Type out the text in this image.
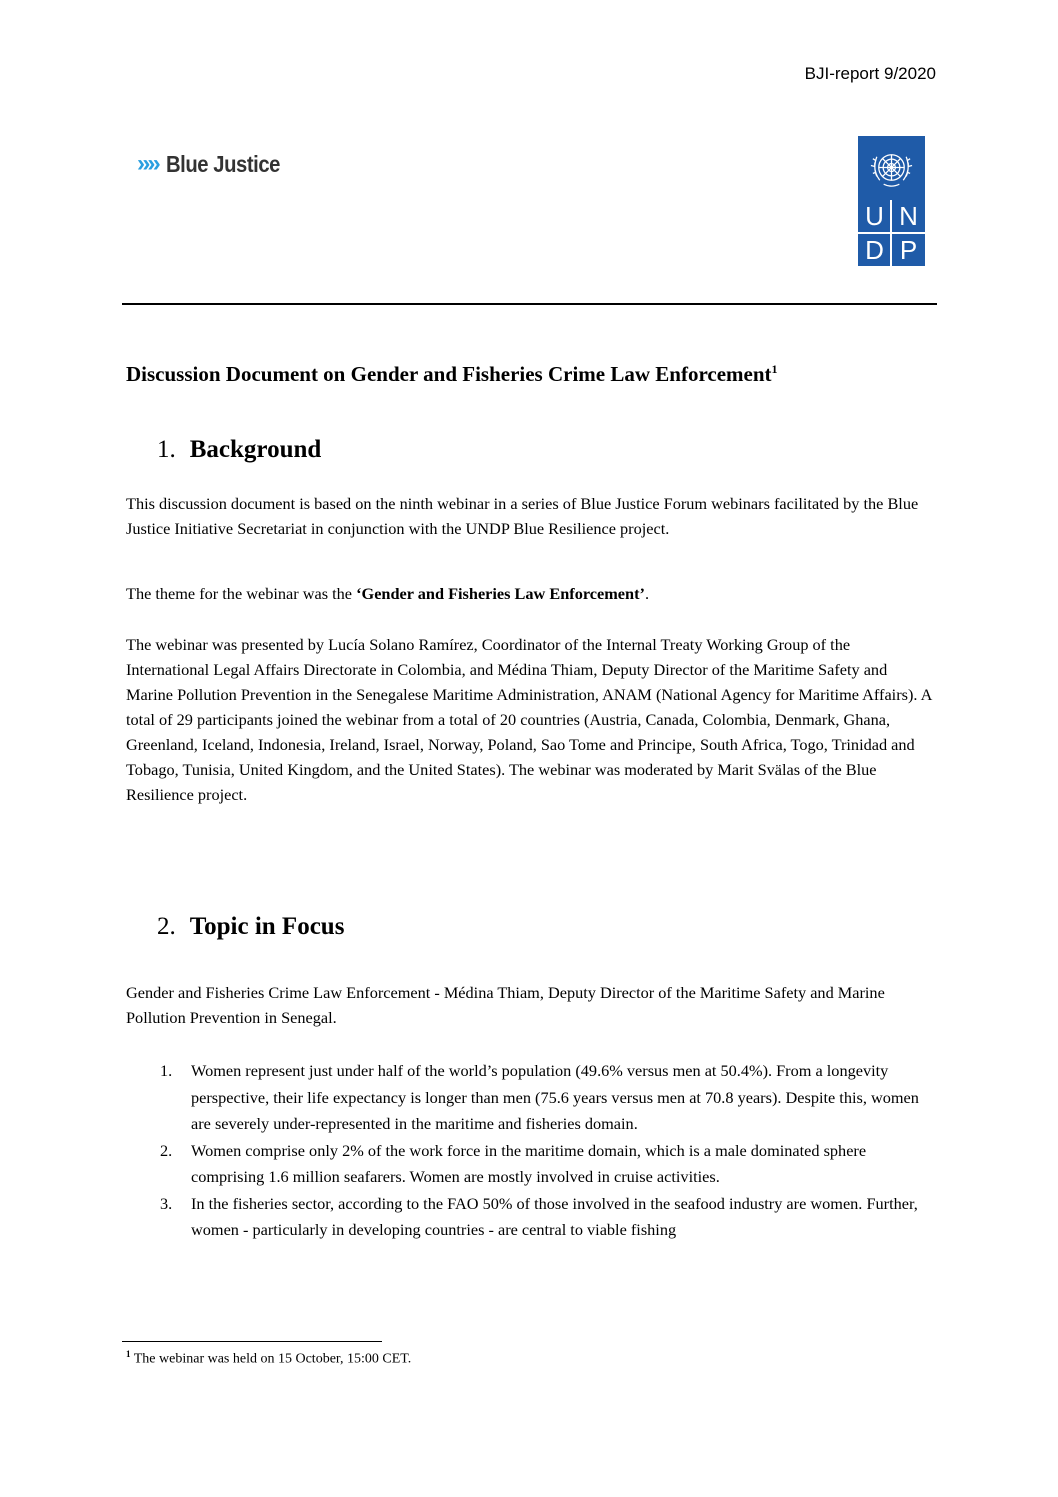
BJI-report 9/2020
»» Blue Justice
U N
D P
Discussion Document on Gender and Fisheries Crime Law Enforcement$^1$
1. Background
This discussion document is based on the ninth webinar in a series of Blue Justice Forum webinars facilitated by the Blue Justice Initiative Secretariat in conjunction with the UNDP Blue Resilience project.
The theme for the webinar was the ‘Gender and Fisheries Law Enforcement’.
The webinar was presented by Lucía Solano Ramírez, Coordinator of the Internal Treaty Working Group of the International Legal Affairs Directorate in Colombia, and Médina Thiam, Deputy Director of the Maritime Safety and Marine Pollution Prevention in the Senegalese Maritime Administration, ANAM (National Agency for Maritime Affairs). A total of 29 participants joined the webinar from a total of 20 countries (Austria, Canada, Colombia, Denmark, Ghana, Greenland, Iceland, Indonesia, Ireland, Israel, Norway, Poland, Sao Tome and Principe, South Africa, Togo, Trinidad and Tobago, Tunisia, United Kingdom, and the United States). The webinar was moderated by Marit Svälas of the Blue Resilience project.
2. Topic in Focus
Gender and Fisheries Crime Law Enforcement - Médina Thiam, Deputy Director of the Maritime Safety and Marine Pollution Prevention in Senegal.
1. Women represent just under half of the world’s population (49.6% versus men at 50.4%). From a longevity perspective, their life expectancy is longer than men (75.6 years versus men at 70.8 years). Despite this, women are severely under-represented in the maritime and fisheries domain.
2. Women comprise only 2% of the work force in the maritime domain, which is a male dominated sphere comprising 1.6 million seafarers. Women are mostly involved in cruise activities.
3. In the fisheries sector, according to the FAO 50% of those involved in the seafood industry are women. Further, women - particularly in developing countries - are central to viable fishing
$^1$ The webinar was held on 15 October, 15:00 CET.
